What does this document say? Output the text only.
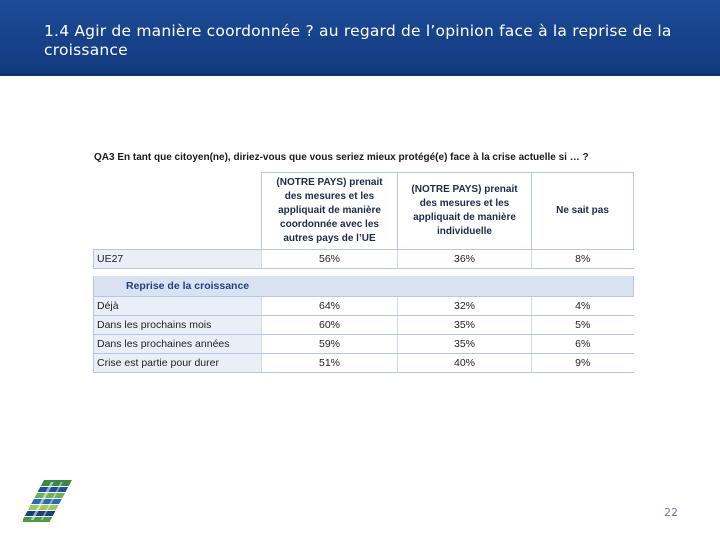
1.4 Agir de manière coordonnée ? au regard de l’opinion face à la reprise de la croissance
QA3 En tant que citoyen(ne), diriez-vous que vous seriez mieux protégé(e) face à la crise actuelle si … ?
	(NOTRE PAYS) prenait des mesures et les appliquait de manière coordonnée avec les autres pays de l’UE	(NOTRE PAYS) prenait des mesures et les appliquait de manière individuelle	Ne sait pas
UE27	56%	36%	8%

Reprise de la croissance			
Déjà	64%	32%	4%
Dans les prochains mois	60%	35%	5%
Dans les prochaines années	59%	35%	6%
Crise est partie pour durer	51%	40%	9%
22
